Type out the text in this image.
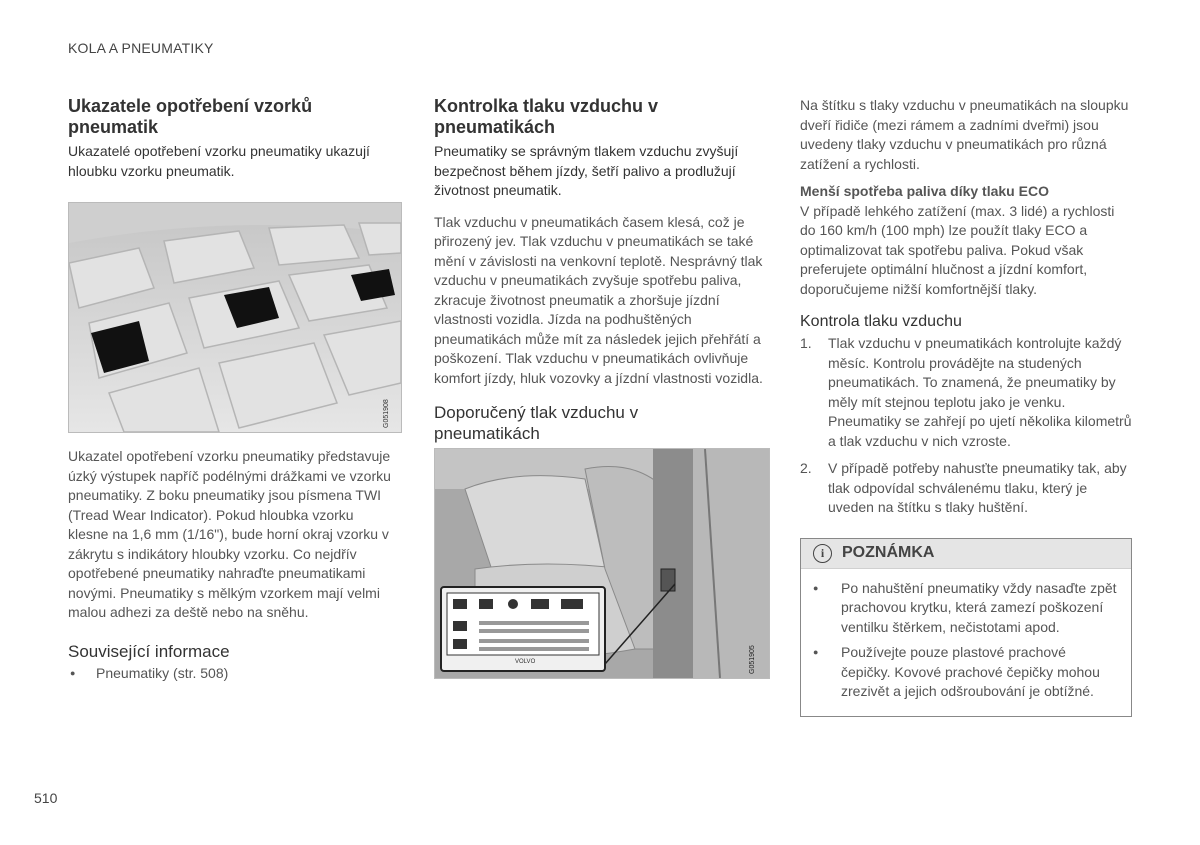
KOLA A PNEUMATIKY
Ukazatele opotřebení vzorků pneumatik

Ukazatelé opotřebení vzorku pneumatiky ukazují hloubku vzorku pneumatik.

G051908

Ukazatel opotřebení vzorku pneumatiky představuje úzký výstupek napříč podélnými drážkami ve vzorku pneumatiky. Z boku pneumatiky jsou písmena TWI (Tread Wear Indicator). Pokud hloubka vzorku klesne na 1,6 mm (1/16"), bude horní okraj vzorku v zákrytu s indikátory hloubky vzorku. Co nejdřív opotřebené pneumatiky nahraďte pneumatikami novými. Pneumatiky s mělkým vzorkem mají velmi malou adhezi za deště nebo na sněhu.

Související informace
● Pneumatiky (str. 508)
Kontrolka tlaku vzduchu v pneumatikách

Pneumatiky se správným tlakem vzduchu zvyšují bezpečnost během jízdy, šetří palivo a prodlužují životnost pneumatik.

Tlak vzduchu v pneumatikách časem klesá, což je přirozený jev. Tlak vzduchu v pneumatikách se také mění v závislosti na venkovní teplotě. Nesprávný tlak vzduchu v pneumatikách zvyšuje spotřebu paliva, zkracuje životnost pneumatik a zhoršuje jízdní vlastnosti vozidla. Jízda na podhuštěných pneumatikách může mít za následek jejich přehřátí a poškození. Tlak vzduchu v pneumatikách ovlivňuje komfort jízdy, hluk vozovky a jízdní vlastnosti vozidla.

Doporučený tlak vzduchu v pneumatikách
VOLVO	G051905

Na štítku s tlaky vzduchu v pneumatikách na sloupku dveří řidiče (mezi rámem a zadními dveřmi) jsou uvedeny tlaky vzduchu v pneumatikách pro různá zatížení a rychlosti.

Menší spotřeba paliva díky tlaku ECO

V případě lehkého zatížení (max. 3 lidé) a rychlosti do 160 km/h (100 mph) lze použít tlaky ECO a optimalizovat tak spotřebu paliva. Pokud však preferujete optimální hlučnost a jízdní komfort, doporučujeme nižší komfortnější tlaky.

Kontrola tlaku vzduchu
1. Tlak vzduchu v pneumatikách kontrolujte každý měsíc. Kontrolu provádějte na studených pneumatikách. To znamená, že pneumatiky by měly mít stejnou teplotu jako je venku. Pneumatiky se zahřejí po ujetí několika kilometrů a tlak vzduchu v nich vzroste.
2. V případě potřeby nahusťte pneumatiky tak, aby tlak odpovídal schválenému tlaku, který je uveden na štítku s tlaky huštění.
i	POZNÁMKA
● Po nahuštění pneumatiky vždy nasaďte zpět prachovou krytku, která zamezí poškození ventilku štěrkem, nečistotami apod.
● Používejte pouze plastové prachové čepičky. Kovové prachové čepičky mohou zrezivět a jejich odšroubování je obtížné.
510
